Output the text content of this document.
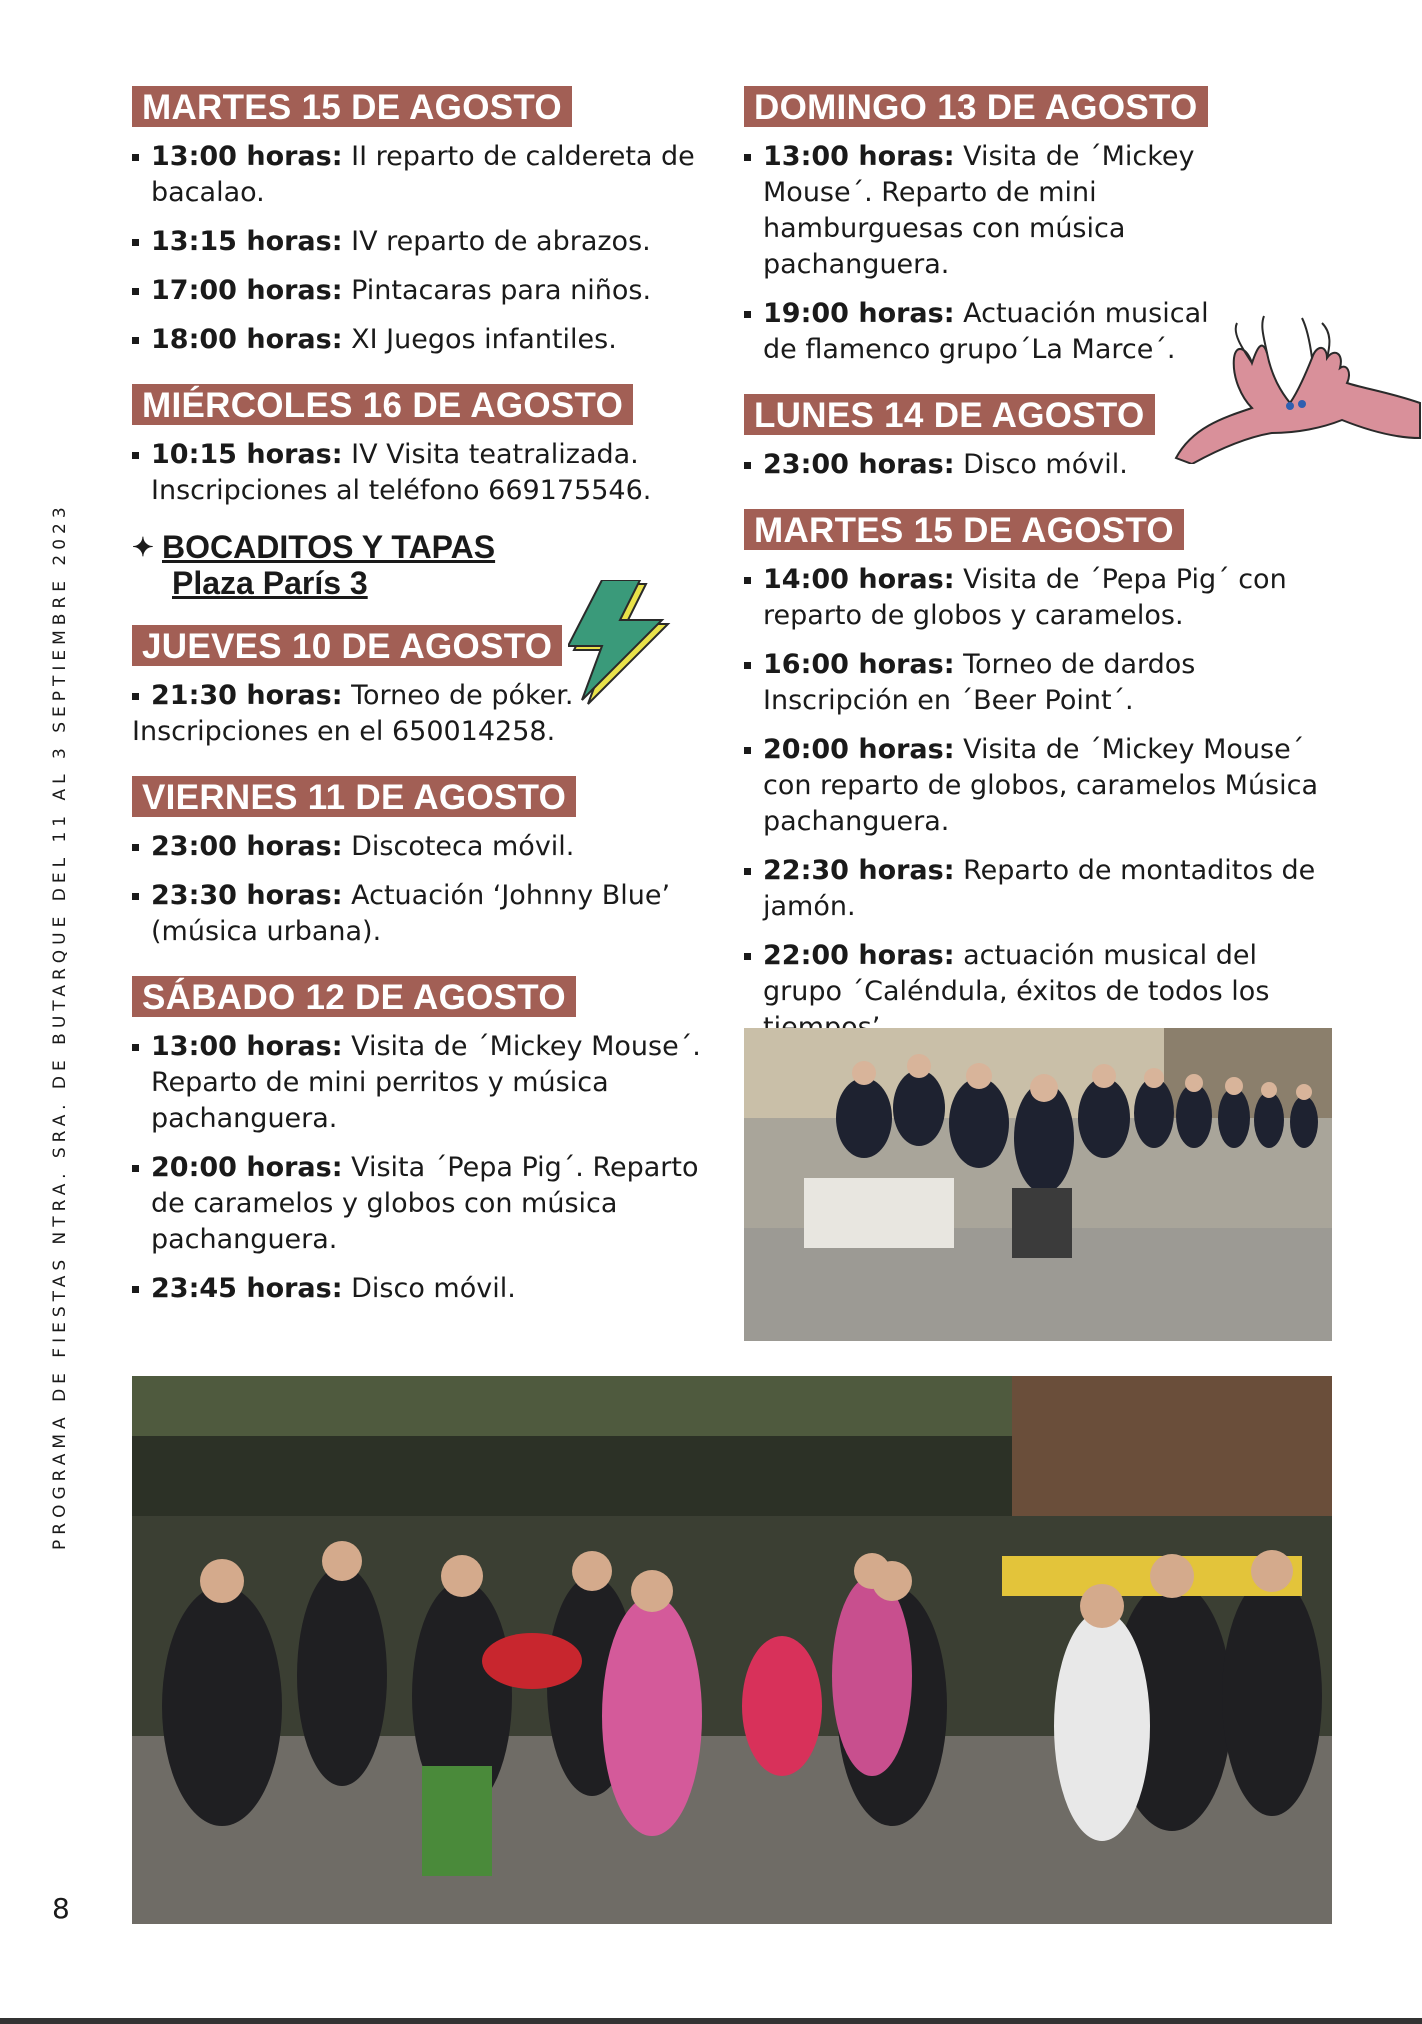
MARTES 15 DE AGOSTO
13:00 horas: II reparto de caldereta de bacalao.
13:15 horas: IV reparto de abrazos.
17:00 horas: Pintacaras para niños.
18:00 horas: XI Juegos infantiles.
MIÉRCOLES 16 DE AGOSTO
10:15 horas: IV Visita teatralizada. Inscripciones al teléfono 669175546.
✦ BOCADITOS Y TAPAS
Plaza París 3
JUEVES 10 DE AGOSTO
21:30 horas: Torneo de póker.
Inscripciones en el 650014258.
VIERNES 11 DE AGOSTO
23:00 horas: Discoteca móvil.
23:30 horas: Actuación ‘Johnny Blue’ (música urbana).
SÁBADO 12 DE AGOSTO
13:00 horas: Visita de ´Mickey Mouse´. Reparto de mini perritos y música pachanguera.
20:00 horas: Visita ´Pepa Pig´. Reparto de caramelos y globos con música pachanguera.
23:45 horas: Disco móvil.
DOMINGO 13 DE AGOSTO
13:00 horas: Visita de ´Mickey Mouse´. Reparto de mini hamburguesas con música pachanguera.
19:00 horas: Actuación musical de flamenco grupo´La Marce´.
LUNES 14 DE AGOSTO
23:00 horas: Disco móvil.
MARTES 15 DE AGOSTO
14:00 horas: Visita de ´Pepa Pig´ con reparto de globos y caramelos.
16:00 horas: Torneo de dardos Inscripción en ´Beer Point´.
20:00 horas: Visita de ´Mickey Mouse´ con reparto de globos, caramelos Música pachanguera.
22:30 horas: Reparto de montaditos de jamón.
22:00 horas: actuación musical del grupo ´Caléndula, éxitos de todos los
PROGRAMA DE FIESTAS NTRA. SRA. DE BUTARQUE DEL 11 AL 3 SEPTIEMBRE 2023
8
